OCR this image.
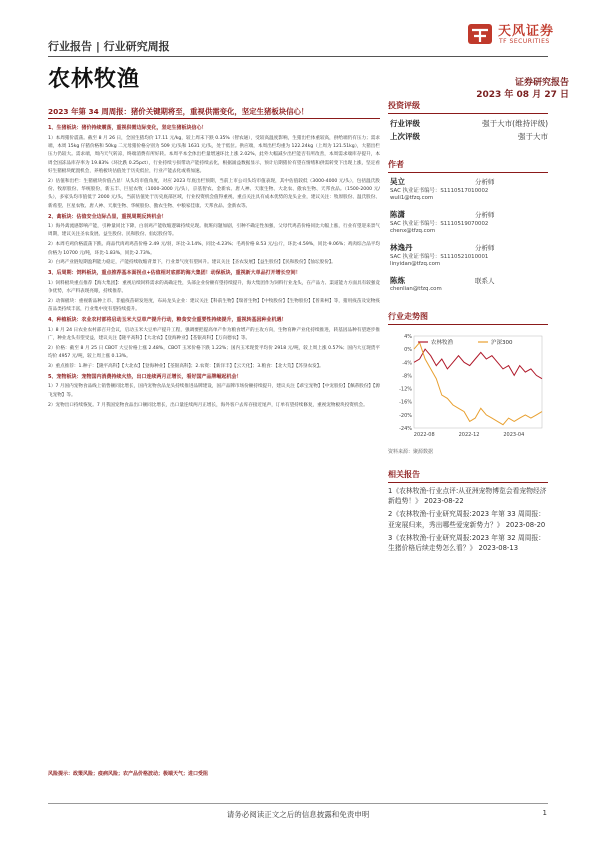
天风证券
TF SECURITIES
行业报告 | 行业研究周报
农林牧渔	证券研究报告
2023 年 08 月 27 日
2023 年第 34 周周报：猪价关键期将至，重视供需变化，坚定生猪板块信心！
1、生猪板块：猪价持续震荡，重视供需边际变化，坚定生猪板块信心！
1）本周猪价震荡。截至 8 月 26 日，全国生猪均价 17.11 元/kg，较上周末下跌 0.35%（智农通），受较高温度影响，生猪出栏体重较高，供给端仍有压力；需求端，本周 15kg 仔猪价格和 50kg 二元母猪价格分别为 509 元/头和 1631 元/头，处于低位。供应端，本周出栏均重为 122.24kg（上周为 121.51kg），大猪出栏压力仍较大。需求端，周内天气转凉，终端消费有所好转。本周平本全体出栏量增速环比上涨 2.02%，此外大幅减少出栏能否有所改善，本周需求端库存提升，本周全国冻品库存率为 19.83%（环比跌 0.25pct），行业持续亏损带动产能持续去化，根据涌益数据显示，预计后期猪价有望在情绪和供需转变下出现上涨，坚定看好生猪板块配置机会，养殖板块估值处于历史低位，行业产能去化或将加速。
2）估值和出栏：生猪板块价值凸显！从头均市值角度，对应 2023 年底出栏预期，当前上市公司头均市值表现，其中估值较低（3000-4000 元/头），包括温氏股份、牧原股份、华统股份，新五丰、巨星农牧（1000-3000 元/头），京基智农、金新农、唐人神、天康生物、大北农、傲农生物、天邦食品。（1500-2000 元/头），多家头均市值低于 2000 元/头，当前估值处于历史底部区域，行业投资机会值得重视，重点关注具有成本优势的龙头企业，建议关注：牧原股份、温氏股份、新希望、巨星农牧、唐人神、天康生物、华统股份、傲农生物、中粮家佳康、天邦食品、金新农等。
2、禽板块：估值安全边际凸显，重视周期反转机会！
1）海外禽流感影响产能，引种量同比下降，白羽鸡产能收缩逻辑持续兑现。航班问题加剧，引种不确定性加强，父母代鸡苗价格同比大幅上涨，行业有望迎来景气周期，建议关注圣农发展、益生股份、民和股份、仙坛股份等。
2）本周毛鸡价格震荡下跌。商品代肉鸡鸡苗价格 2.49 元/羽，环比-3.14%，同比-4.23%；毛鸡价格 8.53 元/公斤，环比-4.59%，同比-9.06%；鸡肉综合品平均价格为 10700 元/吨，环比-1.83%，同比-2.73%。
3）白鸡产业链短期盈利能力稳定，产能持续收缩背景下，行业景气度有望回升。建议关注【圣农发展】【益生股份】【民和股份】【仙坛股份】。
3、后周期：饲料板块，重点推荐基本面拐点+估值相对底部的海大集团！动保板块，重视新大单品打开增长空间！
1）饲料板块重点推荐【海大集团】：重视后续饲料需求的高确定性，头部企业份额有望持续提升，海大集团作为饲料行业龙头，在产品力、渠道能力方面具有较强竞争优势，水产料表现亮眼，持续推荐。
2）动保板块：重视新品种上市、非瘟疫苗研发进度，布局龙头企业：建议关注【科前生物】【瑞普生物】【中牧股份】【生物股份】【普莱柯】等，猪用疫苗及宠物疫苗品类持续丰富，行业集中度有望持续提升。
4、种植板块：农业农村部将启动玉米大豆单产提升行动，粮食安全重要性持续提升，重视转基因种业机遇！
1）8 月 24 日农业农村部召开会议，启动玉米大豆单产提升工程，强调要把提高单产作为粮食增产的主攻方向，生物育种产业化持续推进，转基因品种有望逐步推广，种业龙头有望受益，建议关注【隆平高科】【大北农】【登海种业】【荃银高科】【万向德农】等。
2）价格：截至 8 月 25 日 CBOT 大豆价格上涨 2.48%，CBOT 玉米价格下跌 1.22%；国内玉米现货平均价 2918 元/吨，较上周上涨 0.57%；国内大豆现货平均价 4957 元/吨，较上周上涨 0.13%。
3）重点推荐：1.种子：【隆平高科】【大北农】【登海种业】【荃银高科】；2.农资：【新洋丰】【云天化】；3.粮食：【北大荒】【苏垦农发】。
5、宠物板块：宠物国内消费持续火热，出口连续两月正增长，看好国产品牌崛起机会！
1）7 月国内宠物食品线上销售额同比增长，国内宠物食品龙头持续推进品牌建设，国产品牌市场份额持续提升，建议关注【乖宝宠物】【中宠股份】【佩蒂股份】【源飞宠物】等。
2）宠物出口持续恢复。7 月我国宠物食品出口额同比增长，出口量连续两月正增长，海外客户去库存接近尾声，订单有望持续修复，重视宠物板块投资机会。
风险提示：政策风险；疫病风险；农产品价格波动；极端天气；进口受阻
投资评级
行业评级	强于大市(维持评级)
上次评级	强于大市
作者
吴立	分析师
SAC 执业证书编号：S1110517010002
wuli1@tfzq.com
陈潇	分析师
SAC 执业证书编号：S1110519070002
chenx@tfzq.com
林逸丹	分析师
SAC 执业证书编号：S1110521010001
linyidan@tfzq.com
陈炼	联系人
chenlian@tfzq.com
行业走势图
4%
0%
-4%
-8%
-12%
-16%
-20%
-24%
2022-08	2022-12	2023-04
农林牧渔	沪深300
资料来源：聚源数据
相关报告
1《农林牧渔-行业点评:从亚洲宠物博览会看宠物经济新趋势！》 2023-08-22
2《农林牧渔-行业研究周报:2023 年第 33 周周报：亚宠展归来，秀出哪些爱宠新势力？》 2023-08-20
3《农林牧渔-行业研究周报:2023 年第 32 周周报：生猪价格后续走势怎么看？》 2023-08-13
请务必阅读正文之后的信息披露和免责申明	1
